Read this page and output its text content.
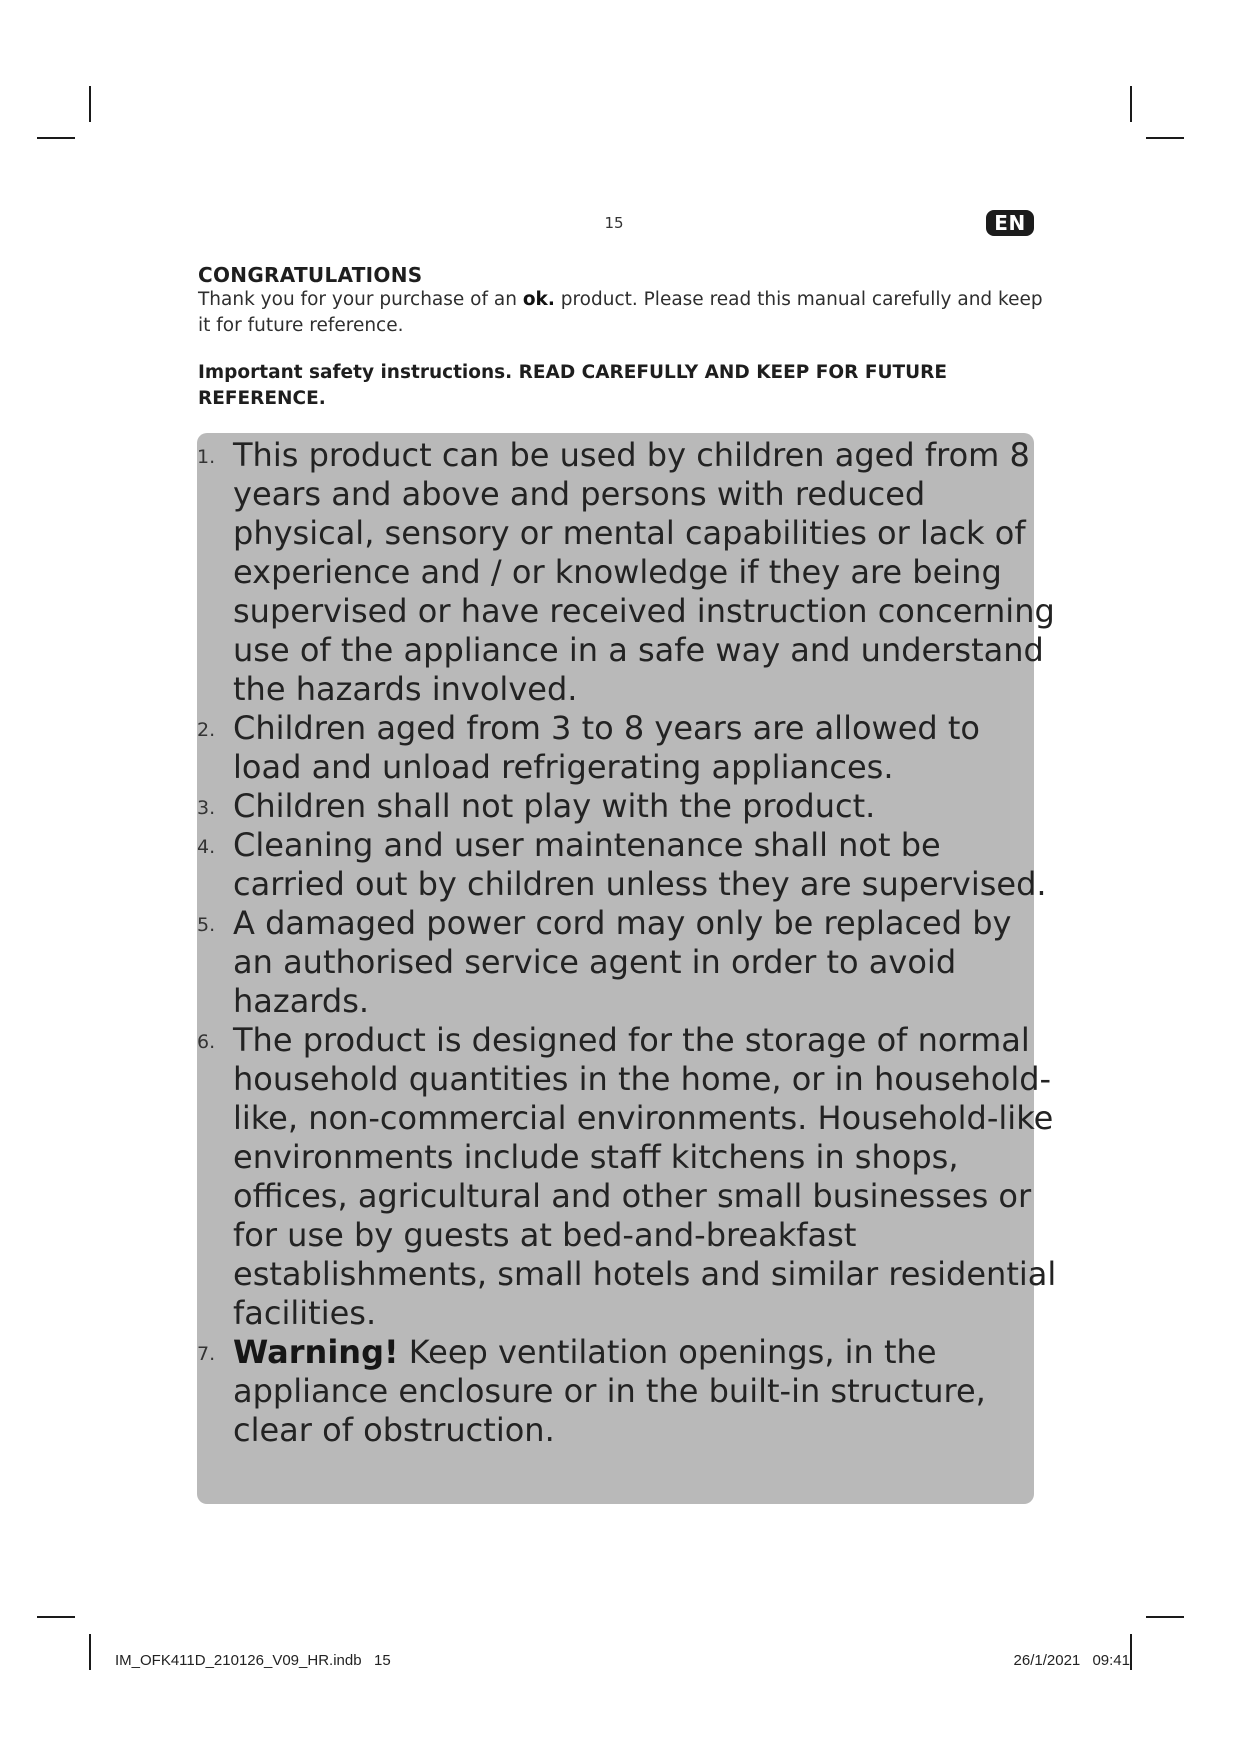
15	EN
CONGRATULATIONS
Thank you for your purchase of an ok. product. Please read this manual carefully and keep it for future reference.
Important safety instructions. READ CAREFULLY AND KEEP FOR FUTURE REFERENCE.
1 . This product can be used by children aged from 8 years and above and persons with reduced physical, sensory or mental capabilities or lack of experience and / or knowledge if they are being supervised or have received instruction concerning use of the appliance in a safe way and understand the hazards involved.
2 . Children aged from 3 to 8 years are allowed to load and unload refrigerating appliances.
3 . Children shall not play with the product.
4 . Cleaning and user maintenance shall not be carried out by children unless they are supervised.
5 . A damaged power cord may only be replaced by an authorised service agent in order to avoid hazards.
6 . The product is designed for the storage of normal household quantities in the home, or in household-like, non-commercial environments. Household-like environments include staff kitchens in shops, offices, agricultural and other small businesses or for use by guests at bed-and-breakfast establishments, small hotels and similar residential facilities.
7 . Warning! Keep ventilation openings, in the appliance enclosure or in the built-in structure, clear of obstruction.
IM_OFK411D_210126_V09_HR.indb   15	26/1/2021 09:41
